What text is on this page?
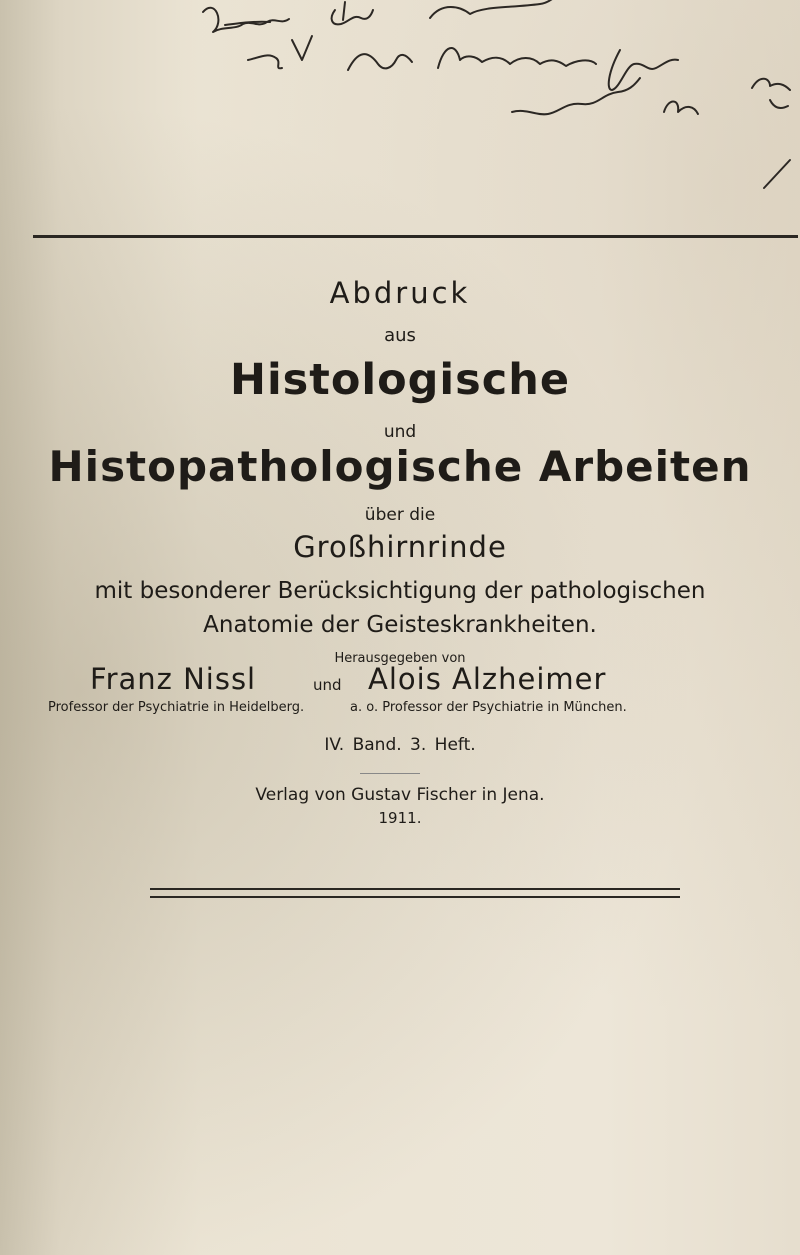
Abdruck
aus
Histologische
und
Histopathologische Arbeiten
über die
Großhirnrinde
mit besonderer Berücksichtigung der pathologischen
Anatomie der Geisteskrankheiten.
Herausgegeben von
Franz Nissl	und Alois Alzheimer
Professor der Psychiatrie in Heidelberg.	a. o. Professor der Psychiatrie in München.
IV. Band. 3. Heft.
Verlag von Gustav Fischer in Jena.
1911.
